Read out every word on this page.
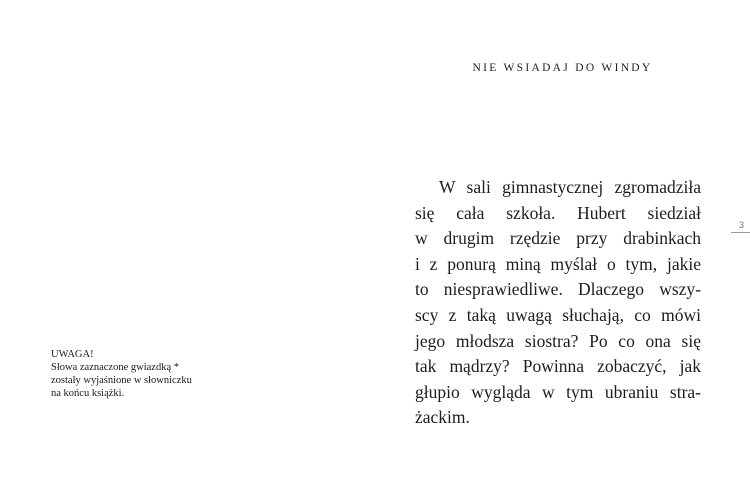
UWAGA!
Słowa zaznaczone gwiazdką *
zostały wyjaśnione w słowniczku
na końcu książki.
NIE WSIADAJ DO WINDY
W sali gimnastycznej zgromadziła
się cała szkoła. Hubert siedział
w drugim rzędzie przy drabinkach
i z ponurą miną myślał o tym, jakie
to niesprawiedliwe. Dlaczego wszy-
scy z taką uwagą słuchają, co mówi
jego młodsza siostra? Po co ona się
tak mądrzy? Powinna zobaczyć, jak
głupio wygląda w tym ubraniu stra-
żackim.
3
